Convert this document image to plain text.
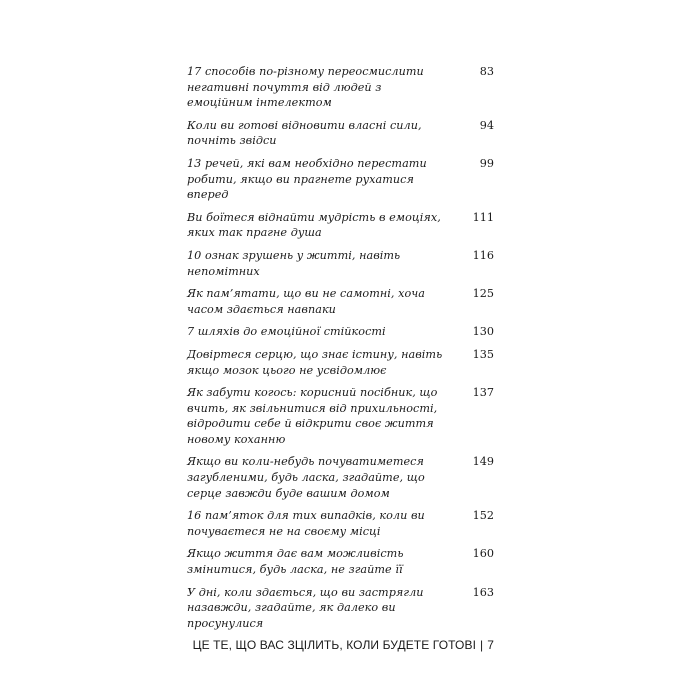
17 способів по-різному переосмислити негативні почуття від людей з емоційним інтелектом
83
Коли ви готові відновити власні сили, почніть звідси
94
13 речей, які вам необхідно перестати робити, якщо ви прагнете рухатися вперед
99
Ви боїтеся віднайти мудрість в емоціях, яких так прагне душа
111
10 ознак зрушень у житті, навіть непомітних
116
Як пам’ятати, що ви не самотні, хоча часом здається навпаки
125
7 шляхів до емоційної стійкості	130
Довіртеся серцю, що знає істину, навіть якщо мозок цього не усвідомлює
135
Як забути когось: корисний посібник, що вчить, як звільнитися від прихильності, відродити себе й відкрити своє життя новому коханню
137
Якщо ви коли-небудь почуватиметеся загубленими, будь ласка, згадайте, що серце завжди буде вашим домом
149
16 пам’яток для тих випадків, коли ви почуваєтеся не на своєму місці
152
Якщо життя дає вам можливість змінитися, будь ласка, не згайте її
160
У дні, коли здається, що ви застрягли назавжди, згадайте, як далеко ви просунулися
163
ЦЕ ТЕ, ЩО ВАС ЗЦІЛИТЬ, КОЛИ БУДЕТЕ ГОТОВІ | 7
